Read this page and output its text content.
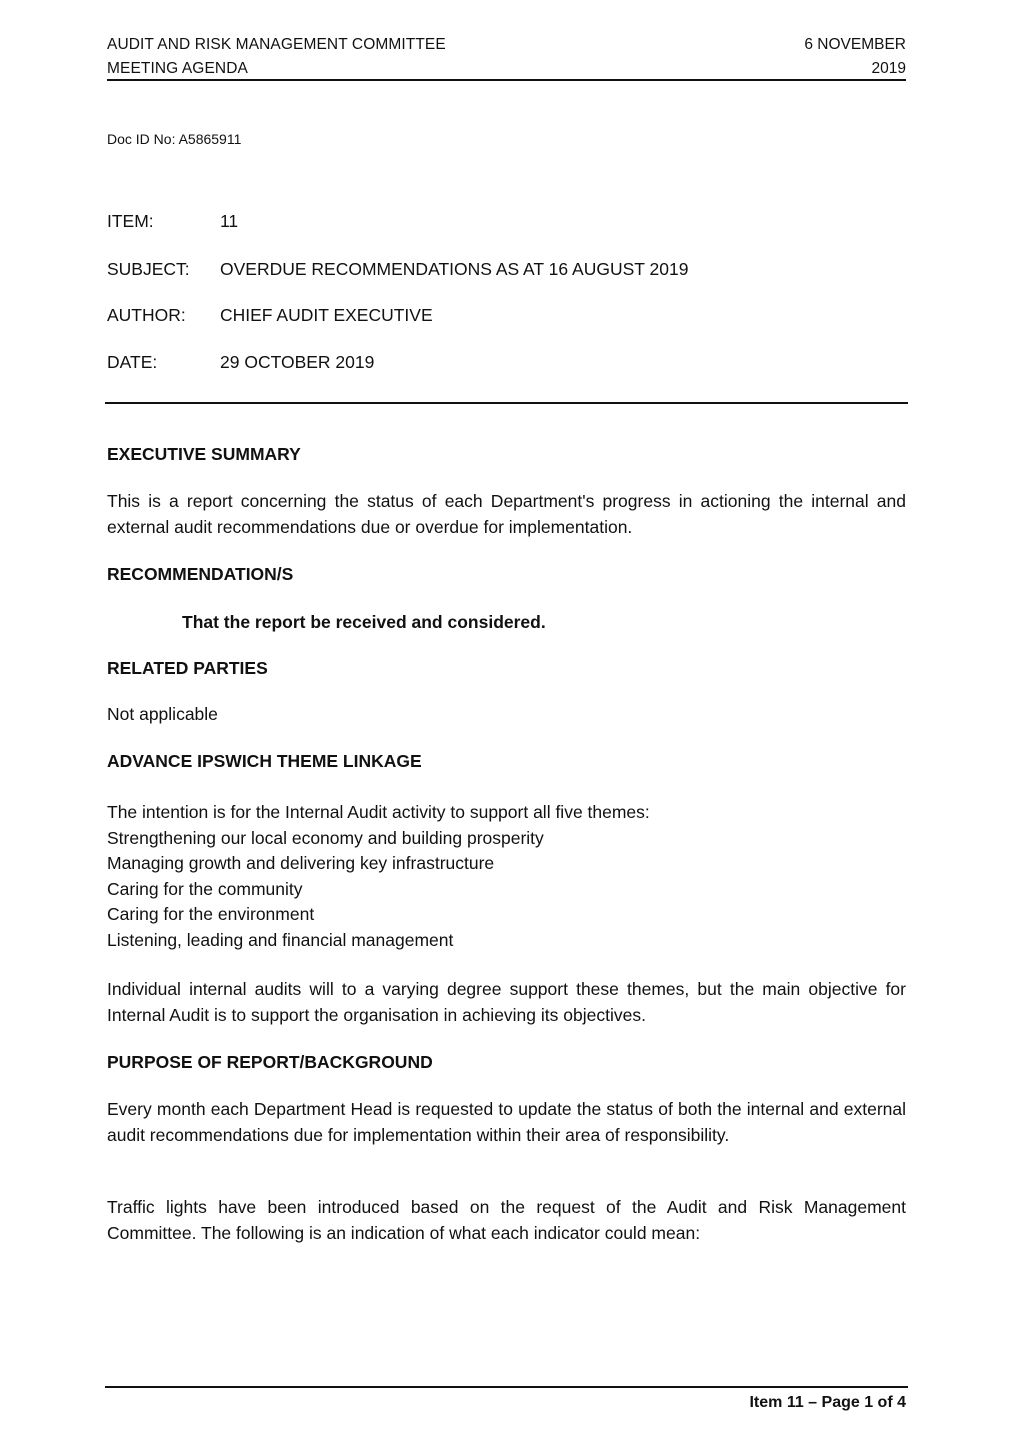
AUDIT AND RISK MANAGEMENT COMMITTEE
MEETING AGENDA
6 NOVEMBER
2019
Doc ID No: A5865911
ITEM:	11
SUBJECT: OVERDUE RECOMMENDATIONS AS AT 16 AUGUST 2019
AUTHOR: CHIEF AUDIT EXECUTIVE
DATE:	29 OCTOBER 2019
EXECUTIVE SUMMARY
This is a report concerning the status of each Department's progress in actioning the internal and external audit recommendations due or overdue for implementation.
RECOMMENDATION/S
That the report be received and considered.
RELATED PARTIES
Not applicable
ADVANCE IPSWICH THEME LINKAGE
The intention is for the Internal Audit activity to support all five themes:
Strengthening our local economy and building prosperity
Managing growth and delivering key infrastructure
Caring for the community
Caring for the environment
Listening, leading and financial management
Individual internal audits will to a varying degree support these themes, but the main objective for Internal Audit is to support the organisation in achieving its objectives.
PURPOSE OF REPORT/BACKGROUND
Every month each Department Head is requested to update the status of both the internal and external audit recommendations due for implementation within their area of responsibility.
Traffic lights have been introduced based on the request of the Audit and Risk Management Committee. The following is an indication of what each indicator could mean:
Item 11 – Page 1 of 4
